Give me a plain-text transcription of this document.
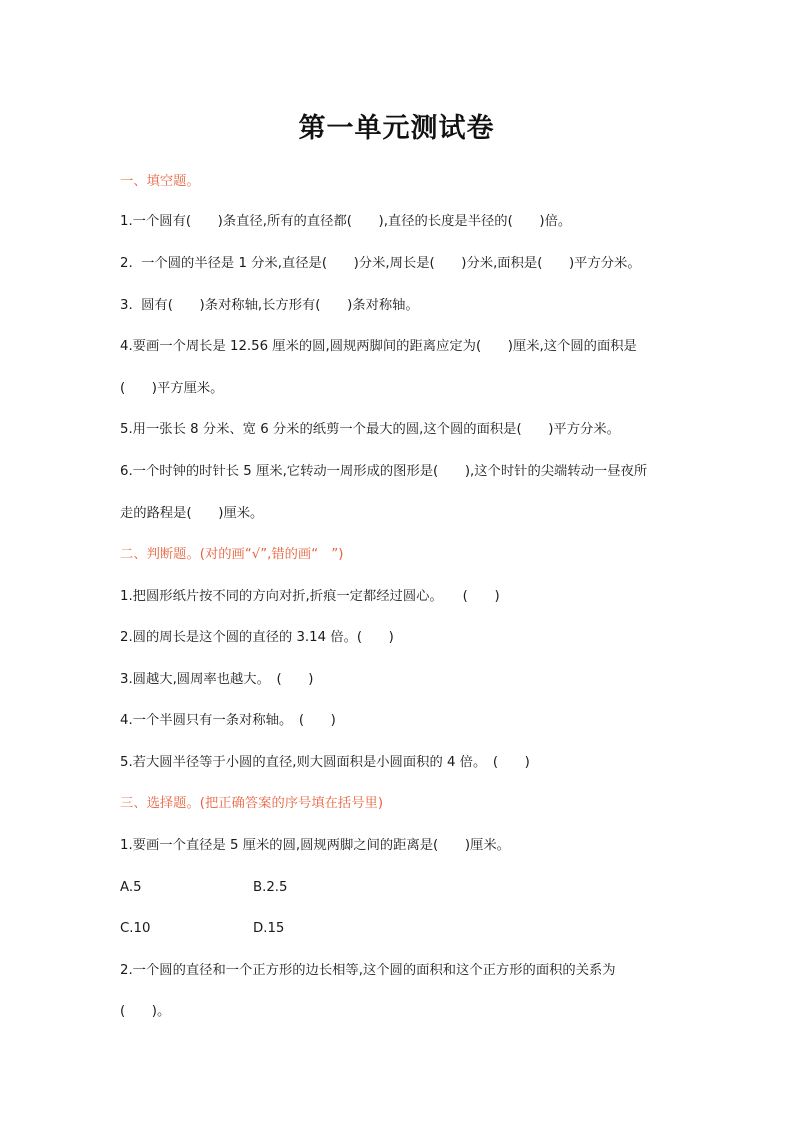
第一单元测试卷
一、填空题。
1.一个圆有(　　)条直径,所有的直径都(　　),直径的长度是半径的(　　)倍。
2.  一个圆的半径是 1 分米,直径是(　　)分米,周长是(　　)分米,面积是(　　)平方分米。
3.  圆有(　　)条对称轴,长方形有(　　)条对称轴。
4.要画一个周长是 12.56 厘米的圆,圆规两脚间的距离应定为(　　)厘米,这个圆的面积是
(　　)平方厘米。
5.用一张长 8 分米、宽 6 分米的纸剪一个最大的圆,这个圆的面积是(　　)平方分米。
6.一个时钟的时针长 5 厘米,它转动一周形成的图形是(　　),这个时针的尖端转动一昼夜所
走的路程是(　　)厘米。
二、判断题。(对的画“√”,错的画“　”)
1.把圆形纸片按不同的方向对折,折痕一定都经过圆心。　　(　　)
2.圆的周长是这个圆的直径的 3.14 倍。(　　)
3.圆越大,圆周率也越大。　(　　)
4.一个半圆只有一条对称轴。　(　　)
5.若大圆半径等于小圆的直径,则大圆面积是小圆面积的 4 倍。　(　　)
三、选择题。(把正确答案的序号填在括号里)
1.要画一个直径是 5 厘米的圆,圆规两脚之间的距离是(　　)厘米。
A.5	B.2.5
C.10	D.15
2.一个圆的直径和一个正方形的边长相等,这个圆的面积和这个正方形的面积的关系为
(　　)。
